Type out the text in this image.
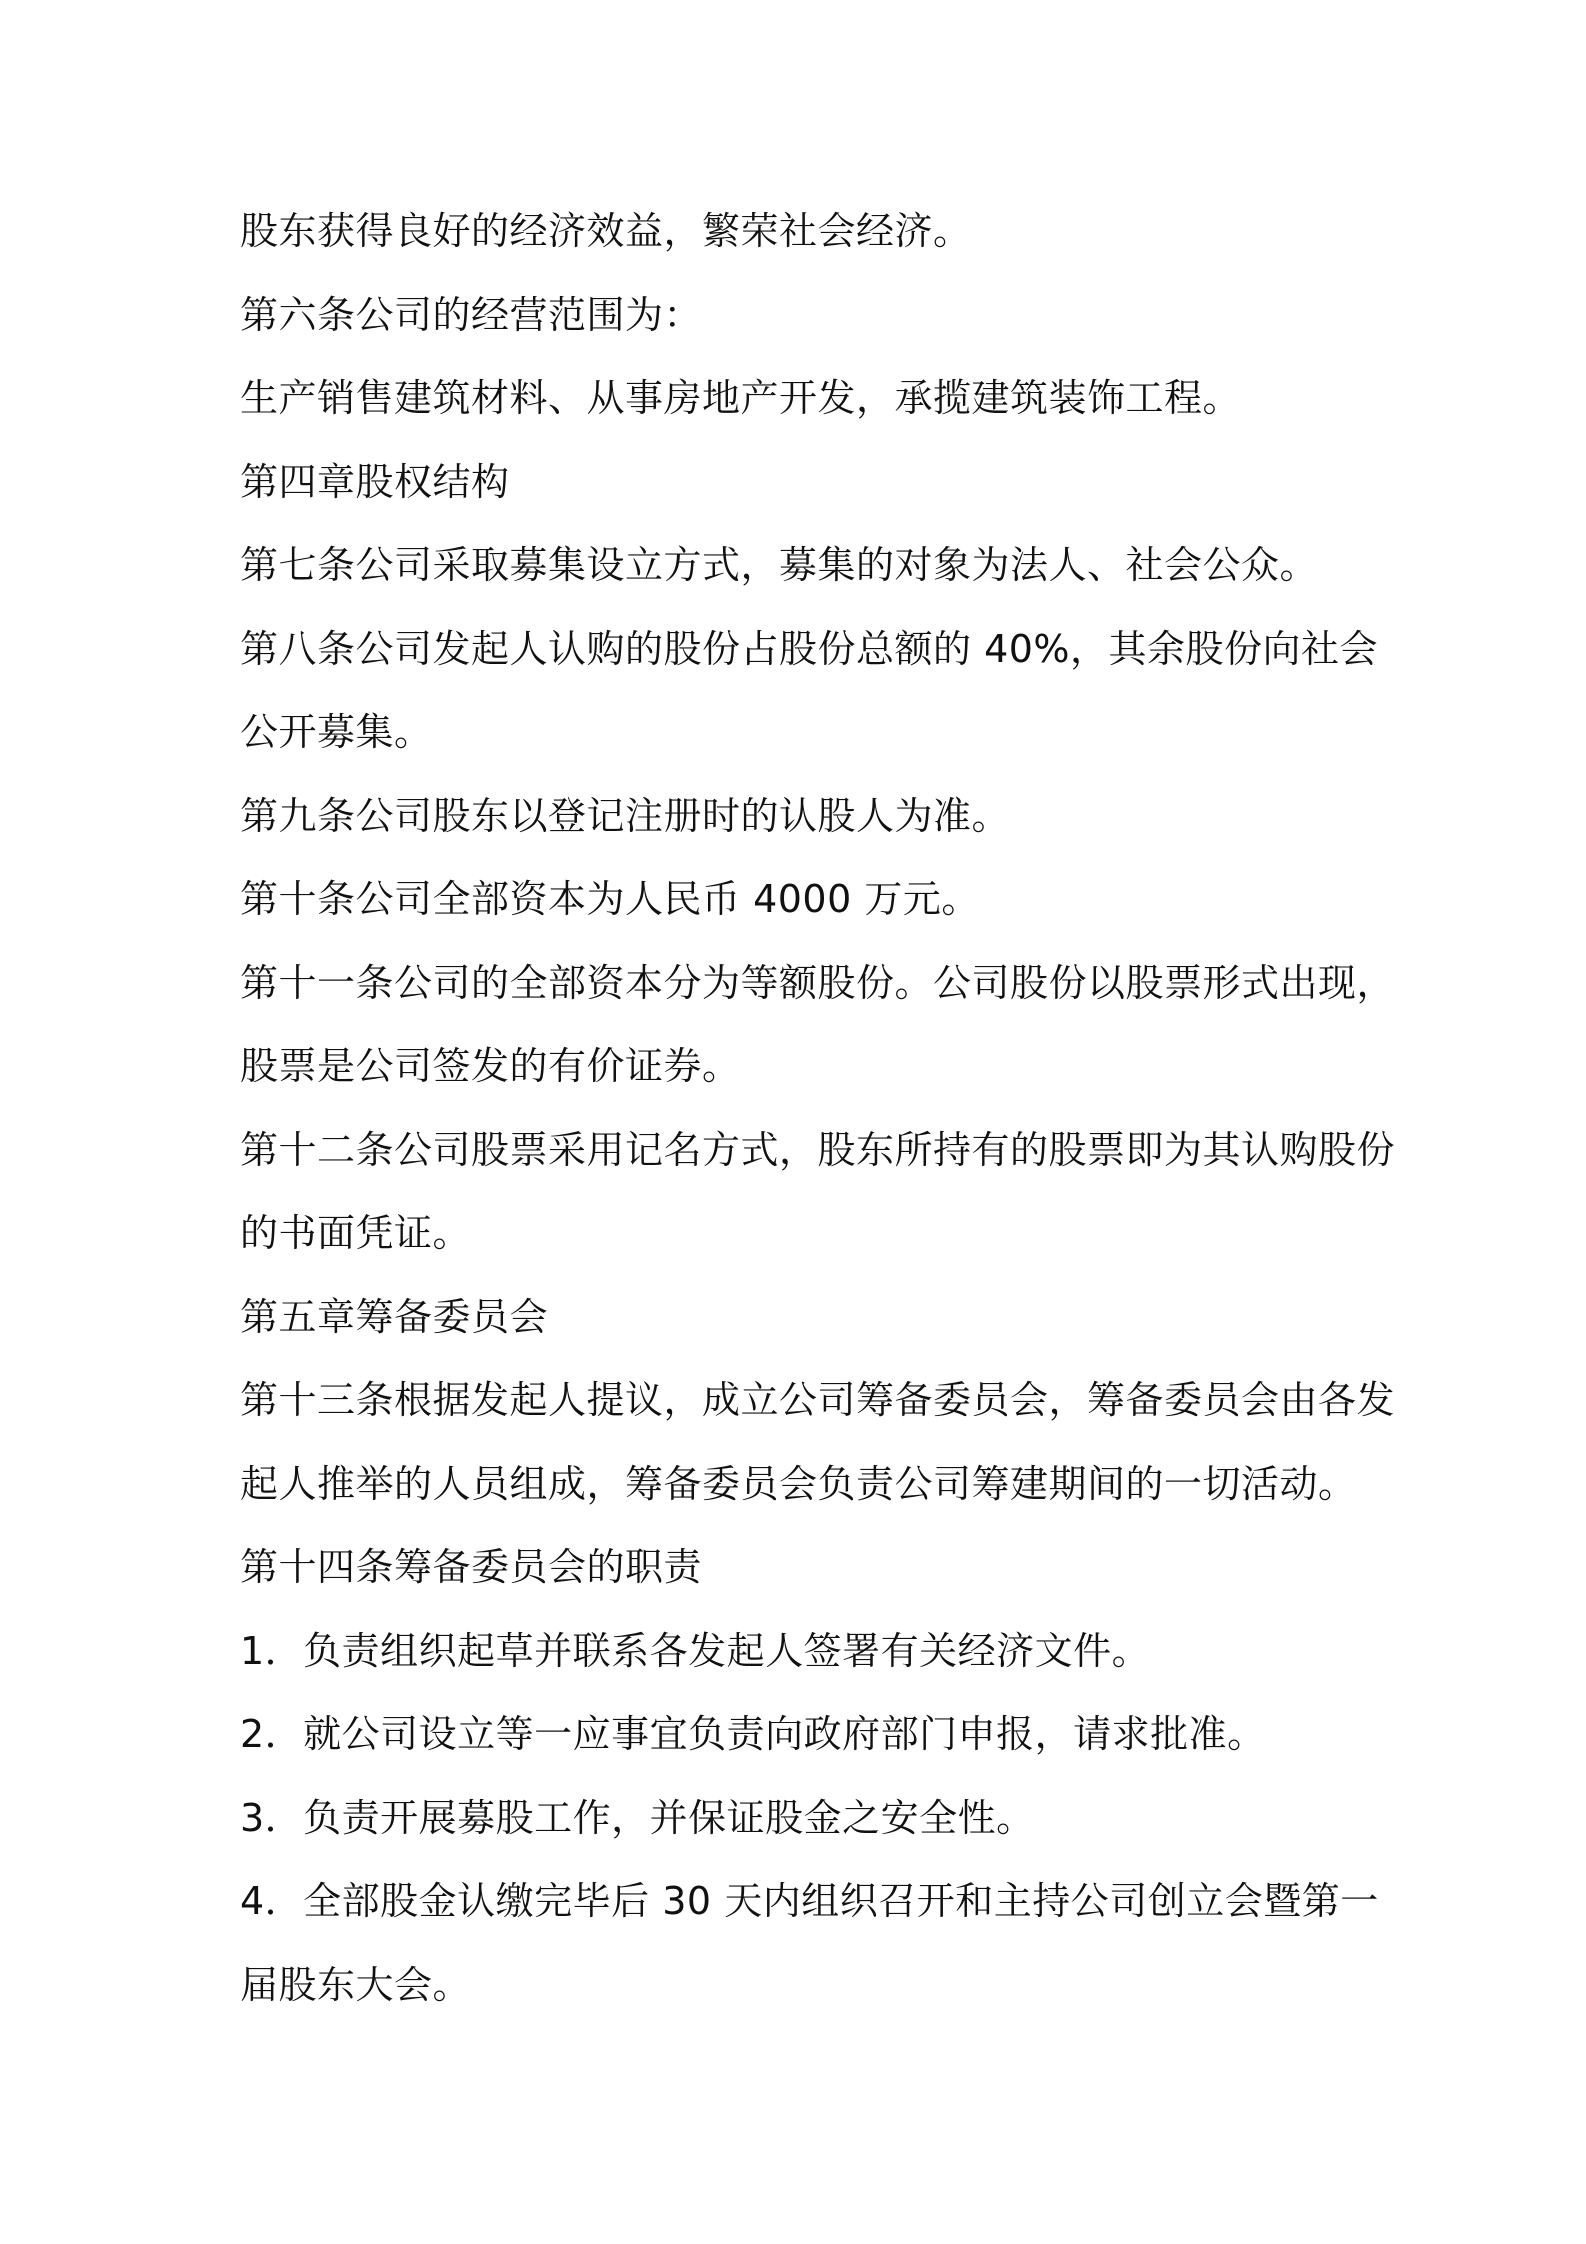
股东获得良好的经济效益，繁荣社会经济。
第六条公司的经营范围为：
生产销售建筑材料、从事房地产开发，承揽建筑装饰工程。
第四章股权结构
第七条公司采取募集设立方式，募集的对象为法人、社会公众。
第八条公司发起人认购的股份占股份总额的 40%，其余股份向社会
公开募集。
第九条公司股东以登记注册时的认股人为准。
第十条公司全部资本为人民币 4000 万元。
第十一条公司的全部资本分为等额股份。公司股份以股票形式出现，
股票是公司签发的有价证券。
第十二条公司股票采用记名方式，股东所持有的股票即为其认购股份
的书面凭证。
第五章筹备委员会
第十三条根据发起人提议，成立公司筹备委员会，筹备委员会由各发
起人推举的人员组成，筹备委员会负责公司筹建期间的一切活动。
第十四条筹备委员会的职责
1．负责组织起草并联系各发起人签署有关经济文件。
2．就公司设立等一应事宜负责向政府部门申报，请求批准。
3．负责开展募股工作，并保证股金之安全性。
4．全部股金认缴完毕后 30 天内组织召开和主持公司创立会暨第一
届股东大会。
